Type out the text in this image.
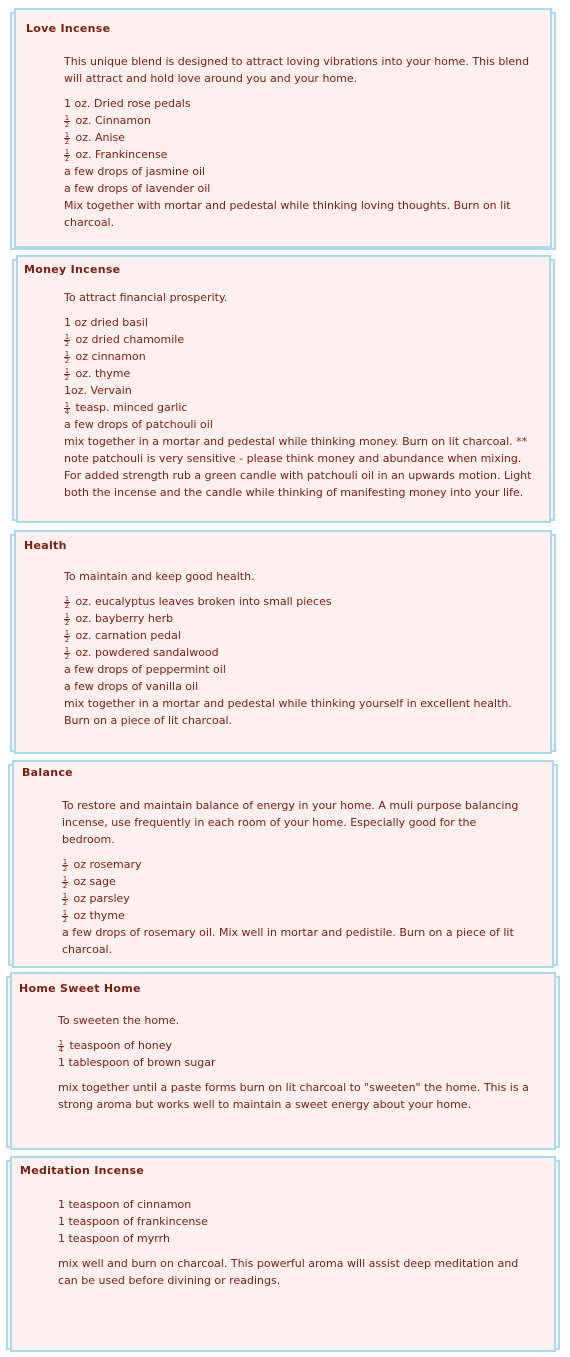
Love Incense

This unique blend is designed to attract loving vibrations into your home. This blend will attract and hold love around you and your home.

1 oz. Dried rose pedals

$\frac{1}{2}$ oz. Cinnamon

$\frac{1}{2}$ oz. Anise

$\frac{1}{2}$ oz. Frankincense

a few drops of jasmine oil

a few drops of lavender oil

Mix together with mortar and pedestal while thinking loving thoughts. Burn on lit charcoal.

Money Incense

To attract financial prosperity.

1 oz dried basil

$\frac{1}{2}$ oz dried chamomile

$\frac{1}{2}$ oz cinnamon

$\frac{1}{2}$ oz. thyme

1oz. Vervain

$\frac{1}{4}$ teasp. minced garlic

a few drops of patchouli oil

mix together in a mortar and pedestal while thinking money. Burn on lit charcoal. ** note patchouli is very sensitive - please think money and abundance when mixing. For added strength rub a green candle with patchouli oil in an upwards motion. Light both the incense and the candle while thinking of manifesting money into your life.

Health

To maintain and keep good health.

$\frac{1}{2}$ oz. eucalyptus leaves broken into small pieces

$\frac{1}{2}$ oz. bayberry herb

$\frac{1}{2}$ oz. carnation pedal

$\frac{1}{2}$ oz. powdered sandalwood

a few drops of peppermint oil

a few drops of vanilla oil

mix together in a mortar and pedestal while thinking yourself in excellent health. Burn on a piece of lit charcoal.

Balance

To restore and maintain balance of energy in your home. A muli purpose balancing incense, use frequently in each room of your home. Especially good for the bedroom.

$\frac{1}{2}$ oz rosemary

$\frac{1}{2}$ oz sage

$\frac{1}{2}$ oz parsley

$\frac{1}{2}$ oz thyme

a few drops of rosemary oil. Mix well in mortar and pedistile. Burn on a piece of lit charcoal.

Home Sweet Home

To sweeten the home.

$\frac{1}{4}$ teaspoon of honey

1 tablespoon of brown sugar

mix together until a paste forms burn on lit charcoal to "sweeten" the home. This is a strong aroma but works well to maintain a sweet energy about your home.

Meditation Incense

1 teaspoon of cinnamon

1 teaspoon of frankincense

1 teaspoon of myrrh

mix well and burn on charcoal. This powerful aroma will assist deep meditation and can be used before divining or readings.
